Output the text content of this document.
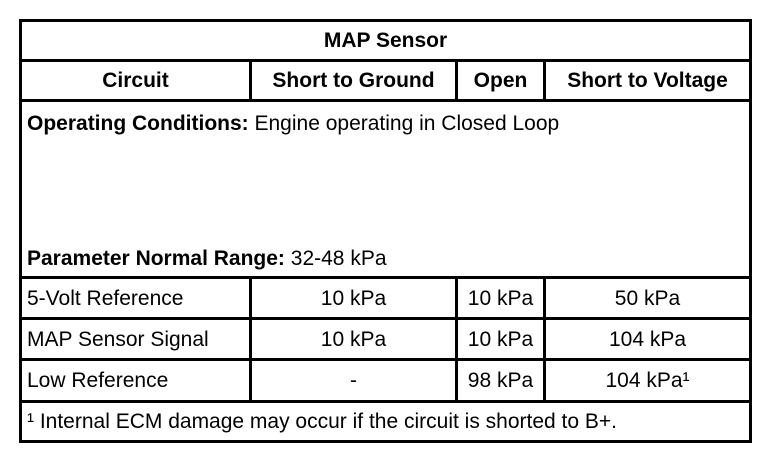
MAP Sensor
Circuit	Short to Ground	Open	Short to Voltage
Operating Conditions: Engine operating in Closed Loop
Parameter Normal Range: 32-48 kPa
5-Volt Reference	10 kPa	10 kPa	50 kPa
MAP Sensor Signal	10 kPa	10 kPa	104 kPa
Low Reference	-	98 kPa	104 kPa¹
¹ Internal ECM damage may occur if the circuit is shorted to B+.
